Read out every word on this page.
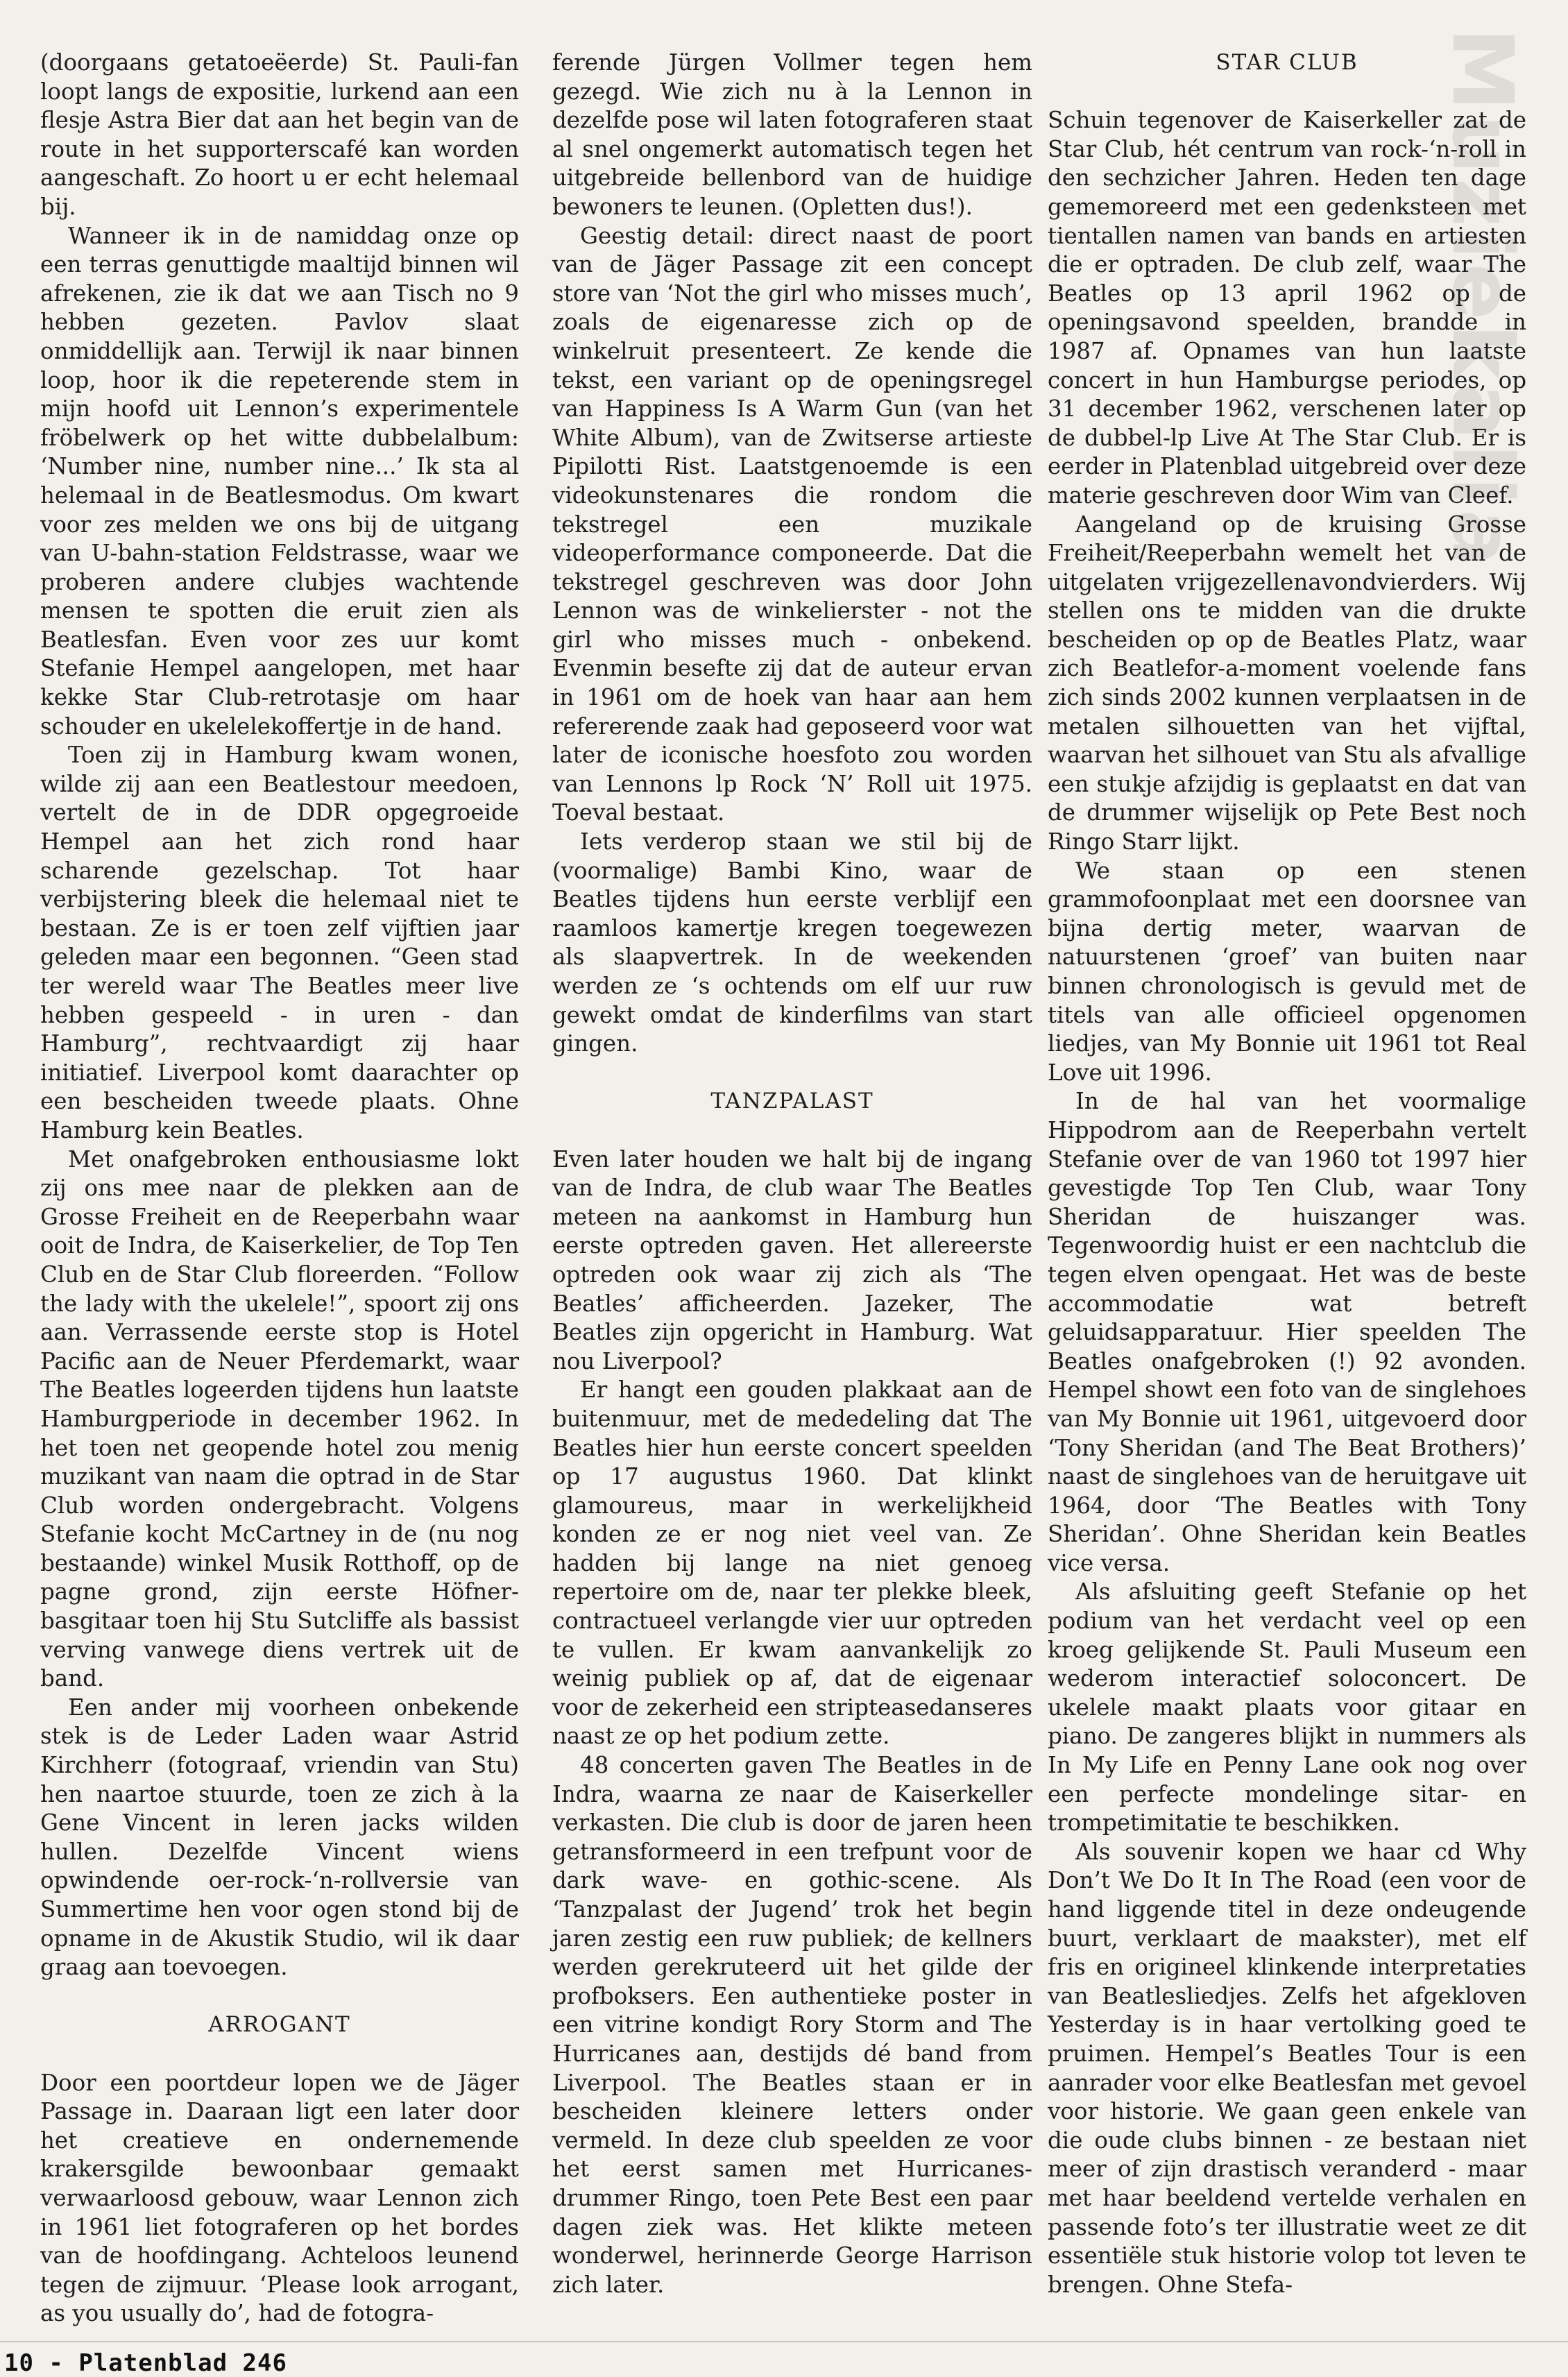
Muziekalia

(doorgaans getatoeëerde) St. Pauli-fan loopt langs de expositie, lurkend aan een flesje Astra Bier dat aan het begin van de route in het supporterscafé kan worden aangeschaft. Zo hoort u er echt helemaal bij.

Wanneer ik in de namiddag onze op een terras genuttigde maaltijd binnen wil afrekenen, zie ik dat we aan Tisch no 9 hebben gezeten. Pavlov slaat onmiddellijk aan. Terwijl ik naar binnen loop, hoor ik die repeterende stem in mijn hoofd uit Lennon’s experimentele fröbelwerk op het witte dubbelalbum: ‘Number nine, number nine...’ Ik sta al helemaal in de Beatlesmodus. Om kwart voor zes melden we ons bij de uitgang van U-bahn-station Feldstrasse, waar we proberen andere clubjes wachtende mensen te spotten die eruit zien als Beatlesfan. Even voor zes uur komt Stefanie Hempel aangelopen, met haar kekke Star Club-retrotasje om haar schouder en ukelelekoffertje in de hand.

Toen zij in Hamburg kwam wonen, wilde zij aan een Beatlestour meedoen, vertelt de in de DDR opgegroeide Hempel aan het zich rond haar scharende gezelschap. Tot haar verbijstering bleek die helemaal niet te bestaan. Ze is er toen zelf vijftien jaar geleden maar een begonnen. “Geen stad ter wereld waar The Beatles meer live hebben gespeeld - in uren - dan Hamburg”, rechtvaardigt zij haar initiatief. Liverpool komt daarachter op een bescheiden tweede plaats. Ohne Hamburg kein Beatles.

Met onafgebroken enthousiasme lokt zij ons mee naar de plekken aan de Grosse Freiheit en de Reeperbahn waar ooit de Indra, de Kaiserkelier, de Top Ten Club en de Star Club floreerden. “Follow the lady with the ukelele!”, spoort zij ons aan. Verrassende eerste stop is Hotel Pacific aan de Neuer Pferdemarkt, waar The Beatles logeerden tijdens hun laatste Hamburgperiode in december 1962. In het toen net geopende hotel zou menig muzikant van naam die optrad in de Star Club worden ondergebracht. Volgens Stefanie kocht McCartney in de (nu nog bestaande) winkel Musik Rotthoff, op de pagne grond, zijn eerste Höfner-basgitaar toen hij Stu Sutcliffe als bassist verving vanwege diens vertrek uit de band.

Een ander mij voorheen onbekende stek is de Leder Laden waar Astrid Kirchherr (fotograaf, vriendin van Stu) hen naartoe stuurde, toen ze zich à la Gene Vincent in leren jacks wilden hullen. Dezelfde Vincent wiens opwindende oer-rock-‘n-rollversie van Summertime hen voor ogen stond bij de opname in de Akustik Studio, wil ik daar graag aan toevoegen.

ARROGANT

Door een poortdeur lopen we de Jäger Passage in. Daaraan ligt een later door het creatieve en ondernemende krakersgilde bewoonbaar gemaakt verwaarloosd gebouw, waar Lennon zich in 1961 liet fotograferen op het bordes van de hoofdingang. Achteloos leunend tegen de zijmuur. ‘Please look arrogant, as you usually do’, had de fotogra-

ferende Jürgen Vollmer tegen hem gezegd. Wie zich nu à la Lennon in dezelfde pose wil laten fotograferen staat al snel ongemerkt automatisch tegen het uitgebreide bellenbord van de huidige bewoners te leunen. (Opletten dus!).

Geestig detail: direct naast de poort van de Jäger Passage zit een concept store van ‘Not the girl who misses much’, zoals de eigenaresse zich op de winkelruit presenteert. Ze kende die tekst, een variant op de openingsregel van Happiness Is A Warm Gun (van het White Album), van de Zwitserse artieste Pipilotti Rist. Laatstgenoemde is een videokunstenares die rondom die tekstregel een muzikale videoperformance componeerde. Dat die tekstregel geschreven was door John Lennon was de winkelierster - not the girl who misses much - onbekend. Evenmin besefte zij dat de auteur ervan in 1961 om de hoek van haar aan hem refererende zaak had geposeerd voor wat later de iconische hoesfoto zou worden van Lennons lp Rock ‘N’ Roll uit 1975. Toeval bestaat.

Iets verderop staan we stil bij de (voormalige) Bambi Kino, waar de Beatles tijdens hun eerste verblijf een raamloos kamertje kregen toegewezen als slaapvertrek. In de weekenden werden ze ‘s ochtends om elf uur ruw gewekt omdat de kinderfilms van start gingen.

TANZPALAST

Even later houden we halt bij de ingang van de Indra, de club waar The Beatles meteen na aankomst in Hamburg hun eerste optreden gaven. Het allereerste optreden ook waar zij zich als ‘The Beatles’ afficheerden. Jazeker, The Beatles zijn opgericht in Hamburg. Wat nou Liverpool?

Er hangt een gouden plakkaat aan de buitenmuur, met de mededeling dat The Beatles hier hun eerste concert speelden op 17 augustus 1960. Dat klinkt glamoureus, maar in werkelijkheid konden ze er nog niet veel van. Ze hadden bij lange na niet genoeg repertoire om de, naar ter plekke bleek, contractueel verlangde vier uur optreden te vullen. Er kwam aanvankelijk zo weinig publiek op af, dat de eigenaar voor de zekerheid een stripteasedanseres naast ze op het podium zette.

48 concerten gaven The Beatles in de Indra, waarna ze naar de Kaiserkeller verkasten. Die club is door de jaren heen getransformeerd in een trefpunt voor de dark wave- en gothic-scene. Als ‘Tanzpalast der Jugend’ trok het begin jaren zestig een ruw publiek; de kellners werden gerekruteerd uit het gilde der profboksers. Een authentieke poster in een vitrine kondigt Rory Storm and The Hurricanes aan, destijds dé band from Liverpool. The Beatles staan er in bescheiden kleinere letters onder vermeld. In deze club speelden ze voor het eerst samen met Hurricanes-drummer Ringo, toen Pete Best een paar dagen ziek was. Het klikte meteen wonderwel, herinnerde George Harrison zich later.

STAR CLUB

Schuin tegenover de Kaiserkeller zat de Star Club, hét centrum van rock-‘n-roll in den sechzicher Jahren. Heden ten dage gememoreerd met een gedenksteen met tientallen namen van bands en artiesten die er optraden. De club zelf, waar The Beatles op 13 april 1962 op de openingsavond speelden, brandde in 1987 af. Opnames van hun laatste concert in hun Hamburgse periodes, op 31 december 1962, verschenen later op de dubbel-lp Live At The Star Club. Er is eerder in Platenblad uitgebreid over deze materie geschreven door Wim van Cleef.

Aangeland op de kruising Grosse Freiheit/Reeperbahn wemelt het van de uitgelaten vrijgezellenavondvierders. Wij stellen ons te midden van die drukte bescheiden op op de Beatles Platz, waar zich Beatlefor-a-moment voelende fans zich sinds 2002 kunnen verplaatsen in de metalen silhouetten van het vijftal, waarvan het silhouet van Stu als afvallige een stukje afzijdig is geplaatst en dat van de drummer wijselijk op Pete Best noch Ringo Starr lijkt.

We staan op een stenen grammofoonplaat met een doorsnee van bijna dertig meter, waarvan de natuurstenen ‘groef’ van buiten naar binnen chronologisch is gevuld met de titels van alle officieel opgenomen liedjes, van My Bonnie uit 1961 tot Real Love uit 1996.

In de hal van het voormalige Hippodrom aan de Reeperbahn vertelt Stefanie over de van 1960 tot 1997 hier gevestigde Top Ten Club, waar Tony Sheridan de huiszanger was. Tegenwoordig huist er een nachtclub die tegen elven opengaat. Het was de beste accommodatie wat betreft geluidsapparatuur. Hier speelden The Beatles onafgebroken (!) 92 avonden. Hempel showt een foto van de singlehoes van My Bonnie uit 1961, uitgevoerd door ‘Tony Sheridan (and The Beat Brothers)’ naast de singlehoes van de heruitgave uit 1964, door ‘The Beatles with Tony Sheridan’. Ohne Sheridan kein Beatles vice versa.

Als afsluiting geeft Stefanie op het podium van het verdacht veel op een kroeg gelijkende St. Pauli Museum een wederom interactief soloconcert. De ukelele maakt plaats voor gitaar en piano. De zangeres blijkt in nummers als In My Life en Penny Lane ook nog over een perfecte mondelinge sitar- en trompetimitatie te beschikken.

Als souvenir kopen we haar cd Why Don’t We Do It In The Road (een voor de hand liggende titel in deze ondeugende buurt, verklaart de maakster), met elf fris en origineel klinkende interpretaties van Beatlesliedjes. Zelfs het afgekloven Yesterday is in haar vertolking goed te pruimen. Hempel’s Beatles Tour is een aanrader voor elke Beatlesfan met gevoel voor historie. We gaan geen enkele van die oude clubs binnen - ze bestaan niet meer of zijn drastisch veranderd - maar met haar beeldend vertelde verhalen en passende foto’s ter illustratie weet ze dit essentiële stuk historie volop tot leven te brengen. Ohne Stefa-

10 - Platenblad 246
